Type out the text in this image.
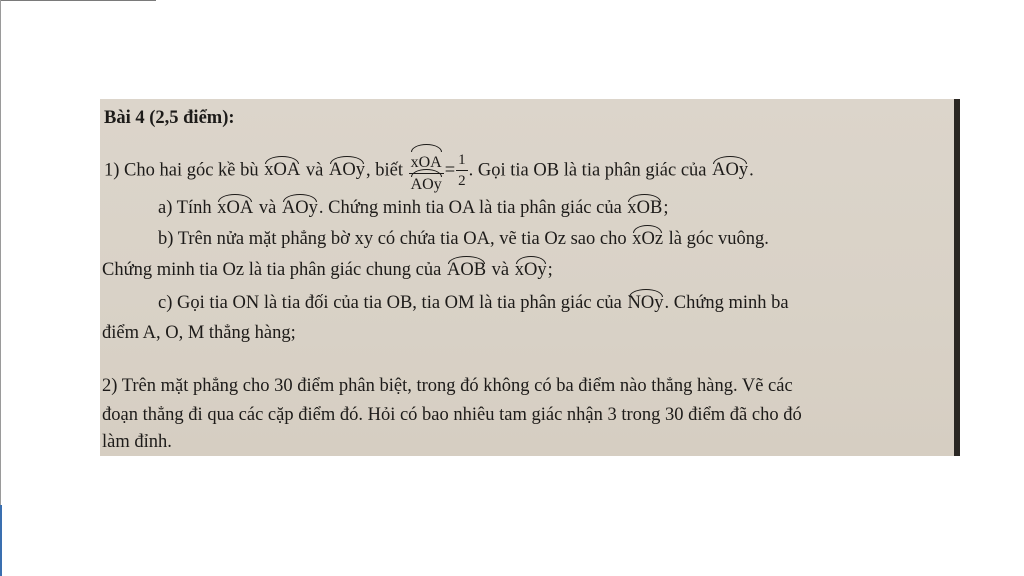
Bài 4 (2,5 điểm):
1) Cho hai góc kề bù xOA và AOy, biết $\frac{\text{xOA}}{\text{AOy}} = \frac{1}{2}$ . Gọi tia OB là tia phân giác của AOy.
a) Tính xOA và AOy. Chứng minh tia OA là tia phân giác của xOB;
b) Trên nửa mặt phẳng bờ xy có chứa tia OA, vẽ tia Oz sao cho xOz là góc vuông.
Chứng minh tia Oz là tia phân giác chung của AOB và xOy;
c) Gọi tia ON là tia đối của tia OB, tia OM là tia phân giác của NOy. Chứng minh ba
điểm A, O, M thẳng hàng;
2) Trên mặt phẳng cho 30 điểm phân biệt, trong đó không có ba điểm nào thẳng hàng. Vẽ các
đoạn thẳng đi qua các cặp điểm đó. Hỏi có bao nhiêu tam giác nhận 3 trong 30 điểm đã cho đó
làm đỉnh.
